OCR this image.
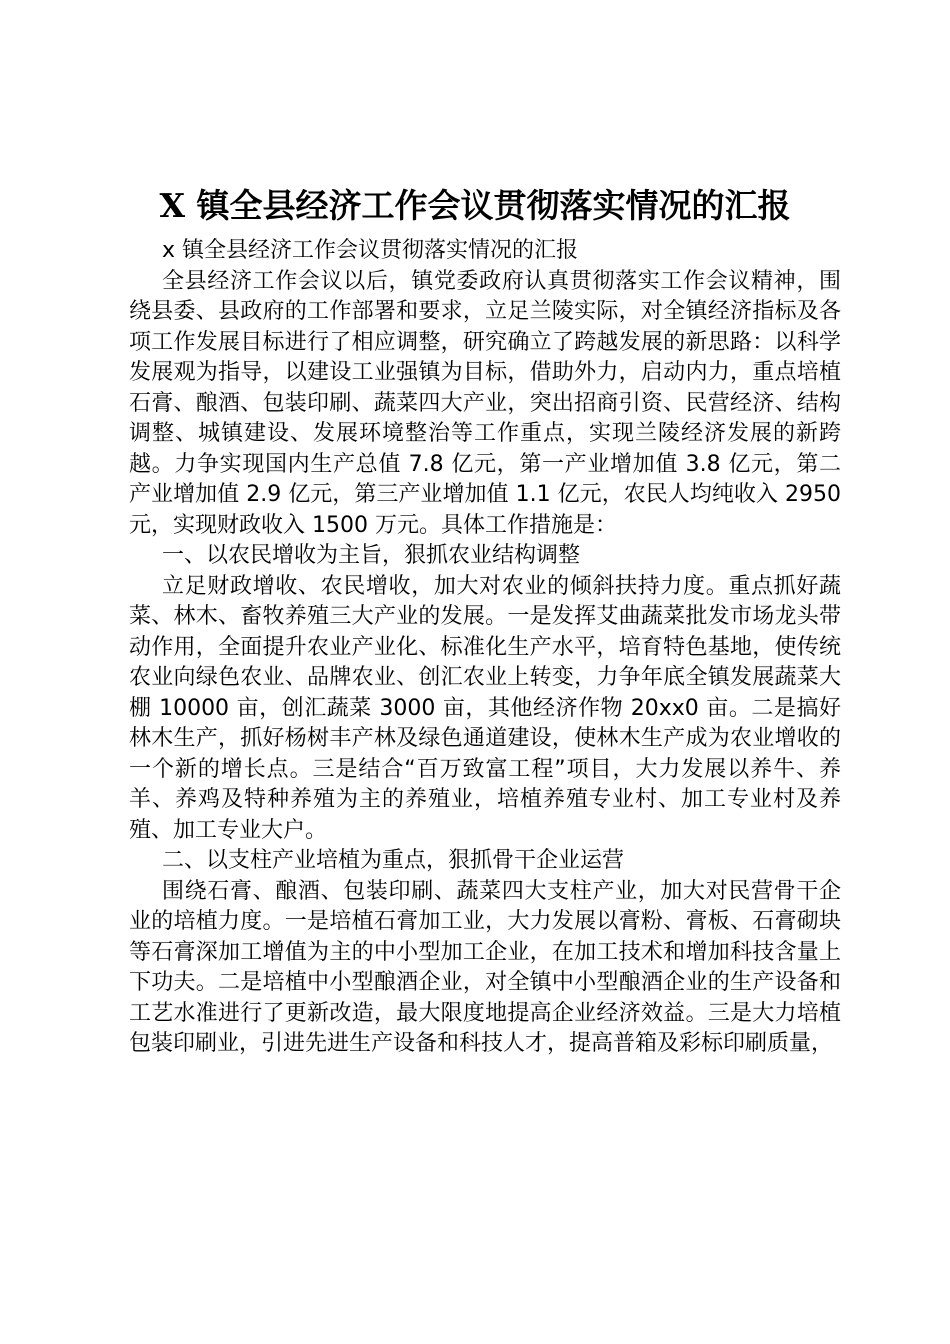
X 镇全县经济工作会议贯彻落实情况的汇报

x 镇全县经济工作会议贯彻落实情况的汇报

全县经济工作会议以后，镇党委政府认真贯彻落实工作会议精神，围绕县委、县政府的工作部署和要求，立足兰陵实际，对全镇经济指标及各项工作发展目标进行了相应调整，研究确立了跨越发展的新思路：以科学发展观为指导，以建设工业强镇为目标，借助外力，启动内力，重点培植石膏、酿酒、包装印刷、蔬菜四大产业，突出招商引资、民营经济、结构调整、城镇建设、发展环境整治等工作重点，实现兰陵经济发展的新跨越。力争实现国内生产总值 7.8 亿元，第一产业增加值 3.8 亿元，第二产业增加值 2.9 亿元，第三产业增加值 1.1 亿元，农民人均纯收入 2950 元，实现财政收入 1500 万元。具体工作措施是：

一、以农民增收为主旨，狠抓农业结构调整

立足财政增收、农民增收，加大对农业的倾斜扶持力度。重点抓好蔬菜、林木、畜牧养殖三大产业的发展。一是发挥艾曲蔬菜批发市场龙头带动作用，全面提升农业产业化、标准化生产水平，培育特色基地，使传统农业向绿色农业、品牌农业、创汇农业上转变，力争年底全镇发展蔬菜大棚 10000 亩，创汇蔬菜 3000 亩，其他经济作物 20xx0 亩。二是搞好林木生产，抓好杨树丰产林及绿色通道建设，使林木生产成为农业增收的一个新的增长点。三是结合“百万致富工程”项目，大力发展以养牛、养羊、养鸡及特种养殖为主的养殖业，培植养殖专业村、加工专业村及养殖、加工专业大户。

二、以支柱产业培植为重点，狠抓骨干企业运营

围绕石膏、酿酒、包装印刷、蔬菜四大支柱产业，加大对民营骨干企业的培植力度。一是培植石膏加工业，大力发展以膏粉、膏板、石膏砌块等石膏深加工增值为主的中小型加工企业，在加工技术和增加科技含量上下功夫。二是培植中小型酿酒企业，对全镇中小型酿酒企业的生产设备和工艺水准进行了更新改造，最大限度地提高企业经济效益。三是大力培植包装印刷业，引进先进生产设备和科技人才，提高普箱及彩标印刷质量，
